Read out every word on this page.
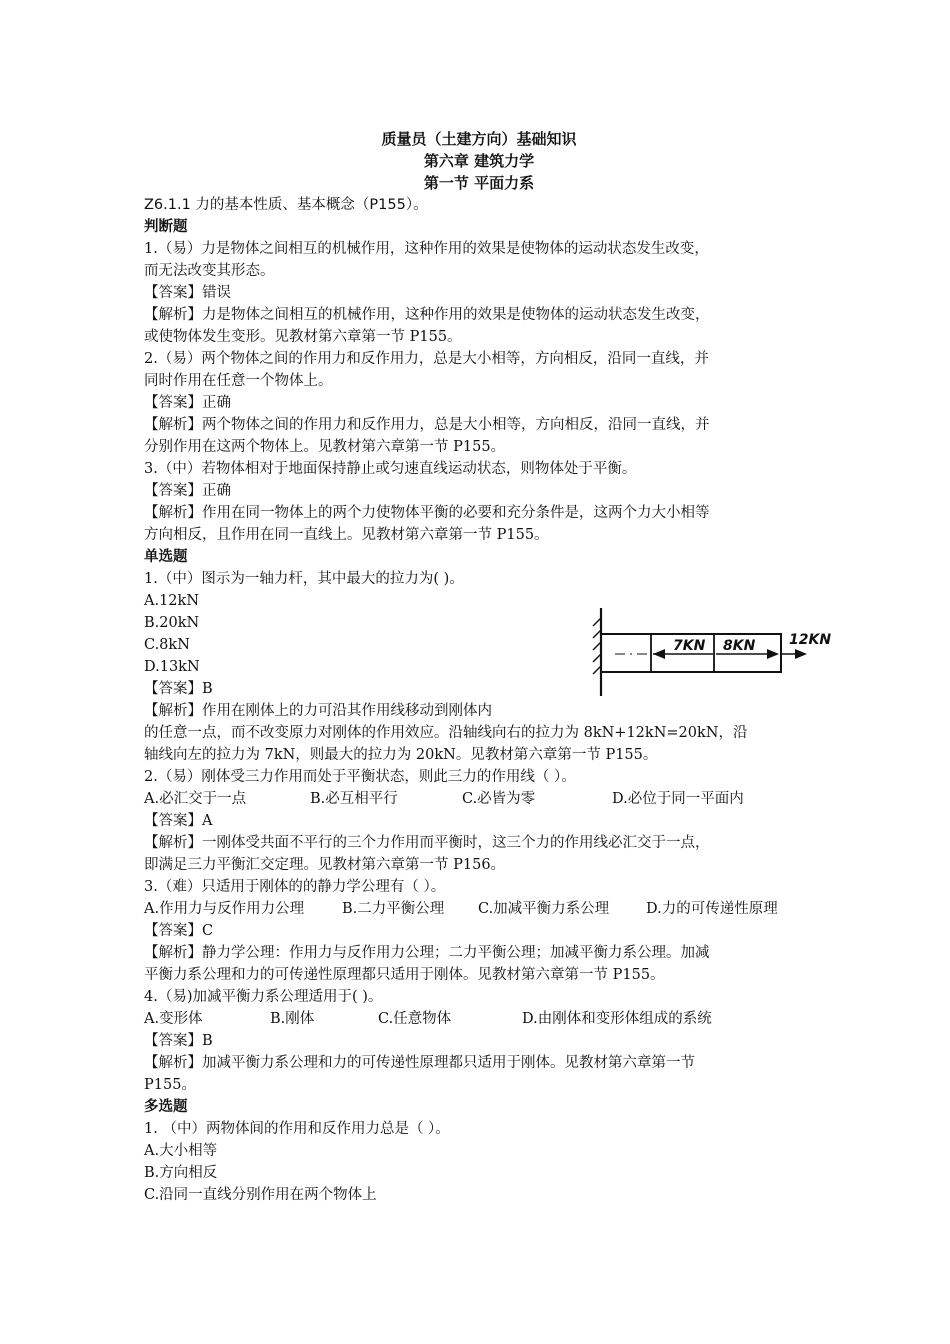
质量员（土建方向）基础知识

第六章 建筑力学

第一节 平面力系

Z6.1.1 力的基本性质、基本概念（P155）。

判断题

1.（易）力是物体之间相互的机械作用，这种作用的效果是使物体的运动状态发生改变，

而无法改变其形态。

【答案】错误

【解析】力是物体之间相互的机械作用，这种作用的效果是使物体的运动状态发生改变，

或使物体发生变形。见教材第六章第一节 P155。

2.（易）两个物体之间的作用力和反作用力，总是大小相等，方向相反，沿同一直线，并

同时作用在任意一个物体上。

【答案】正确

【解析】两个物体之间的作用力和反作用力，总是大小相等，方向相反，沿同一直线，并

分别作用在这两个物体上。见教材第六章第一节 P155。

3.（中）若物体相对于地面保持静止或匀速直线运动状态，则物体处于平衡。

【答案】正确

【解析】作用在同一物体上的两个力使物体平衡的必要和充分条件是，这两个力大小相等

方向相反，且作用在同一直线上。见教材第六章第一节 P155。

单选题

1.（中）图示为一轴力杆，其中最大的拉力为( )。

A.12kN

B.20kN

C.8kN

D.13kN

【答案】B

【解析】作用在刚体上的力可沿其作用线移动到刚体内

的任意一点，而不改变原力对刚体的作用效应。沿轴线向右的拉力为 8kN+12kN=20kN，沿

轴线向左的拉力为 7kN，则最大的拉力为 20kN。见教材第六章第一节 P155。

2.（易）刚体受三力作用而处于平衡状态，则此三力的作用线（ ）。

A.必汇交于一点	B.必互相平行	C.必皆为零	D.必位于同一平面内

【答案】A

【解析】一刚体受共面不平行的三个力作用而平衡时，这三个力的作用线必汇交于一点，

即满足三力平衡汇交定理。见教材第六章第一节 P156。

3.（难）只适用于刚体的的静力学公理有（ ）。

A.作用力与反作用力公理	B.二力平衡公理	C.加减平衡力系公理	D.力的可传递性原理

【答案】C

【解析】静力学公理：作用力与反作用力公理；二力平衡公理；加减平衡力系公理。加减

平衡力系公理和力的可传递性原理都只适用于刚体。见教材第六章第一节 P155。

4.（易)加减平衡力系公理适用于( )。

A.变形体	B.刚体	C.任意物体	D.由刚体和变形体组成的系统

【答案】B

【解析】加减平衡力系公理和力的可传递性原理都只适用于刚体。见教材第六章第一节

P155。

多选题

1. （中）两物体间的作用和反作用力总是（ ）。

A.大小相等

B.方向相反

C.沿同一直线分别作用在两个物体上

7KN 8KN 12KN
